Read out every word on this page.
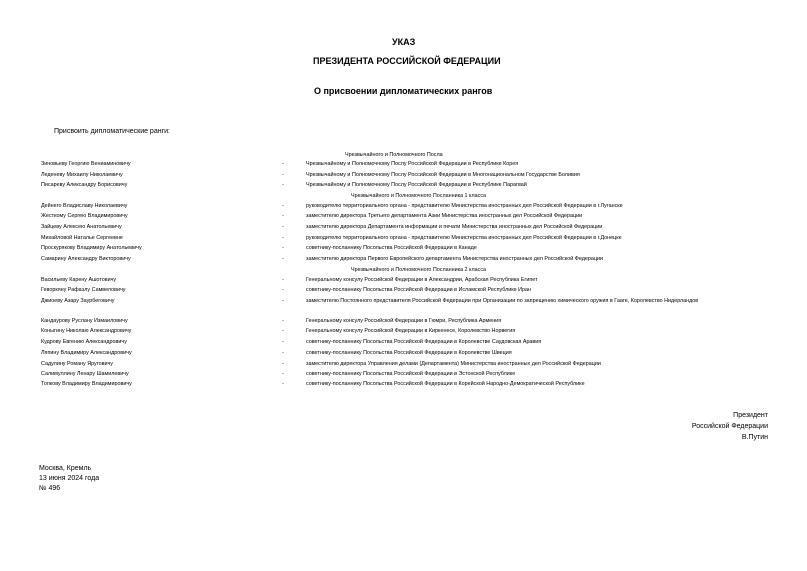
УКАЗ
ПРЕЗИДЕНТА РОССИЙСКОЙ ФЕДЕРАЦИИ
О присвоении дипломатических рангов
Присвоить дипломатические ранги:
Чрезвычайного и Полномочного Посла
Зиновьеву Георгию Вениаминовичу	-	Чрезвычайному и Полномочному Послу Российской Федерации в Республике Корея
Леденеву Михаилу Николаевичу	-	Чрезвычайному и Полномочному Послу Российской Федерации в Многонациональном Государстве Боливия
Писареву Александру Борисовичу	-	Чрезвычайному и Полномочному Послу Российской Федерации в Республике Парагвай
Чрезвычайного и Полномочного Посланника 1 класса
Дейнего Владиславу Николаевичу	-	руководителю территориального органа - представителю Министерства иностранных дел Российской Федерации в г.Луганске
Жесткому Сергею Владимировичу	-	заместителю директора Третьего департамента Азии Министерства иностранных дел Российской Федерации
Зайцеву Алексею Анатольевичу	-	заместителю директора Департамента информации и печати Министерства иностранных дел Российской Федерации
Михайловой Наталье Сергеевне	-	руководителю территориального органа - представителю Министерства иностранных дел Российской Федерации в г.Донецке
Проскурякову Владимиру Анатольевичу	-	советнику-посланнику Посольства Российской Федерации в Канаде
Самарину Александру Викторовичу	-	заместителю директора Первого Европейского департамента Министерства иностранных дел Российской Федерации
Чрезвычайного и Полномочного Посланника 2 класса
Васильеву Карену Ашотовичу	-	Генеральному консулу Российской Федерации в Александрии, Арабская Республика Египет
Геворкяну Рафаэлу Самвеловичу	-	советнику-посланнику Посольства Российской Федерации в Исламской Республике Иран
Джиоеву Азару Заурбеговичу	-	заместителю Постоянного представителя Российской Федерации при Организации по запрещению химического оружия в Гааге, Королевство Нидерландов
Кандаурову Руслану Измаиловичу	-	Генеральному консулу Российской Федерации в Гюмри, Республика Армения
Коныгину Николаю Александровичу	-	Генеральному консулу Российской Федерации в Киркенесе, Королевство Норвегия
Кудрову Евгению Александровичу	-	советнику-посланнику Посольства Российской Федерации в Королевстве Саудовская Аравия
Ляпину Владимиру Александровичу	-	советнику-посланнику Посольства Российской Федерации в Королевстве Швеция
Садулину Роману Яруговичу	-	заместителю директора Управления делами (Департамента) Министерства иностранных дел Российской Федерации
Салимуллину Ленару Шамилевичу	-	советнику-посланнику Посольства Российской Федерации в Эстонской Республике
Топкову Владимиру Владимировичу	-	советнику-посланнику Посольства Российской Федерации в Корейской Народно-Демократической Республике
Президент
Российской Федерации
В.Путин
Москва, Кремль
13 июня 2024 года
№ 496
